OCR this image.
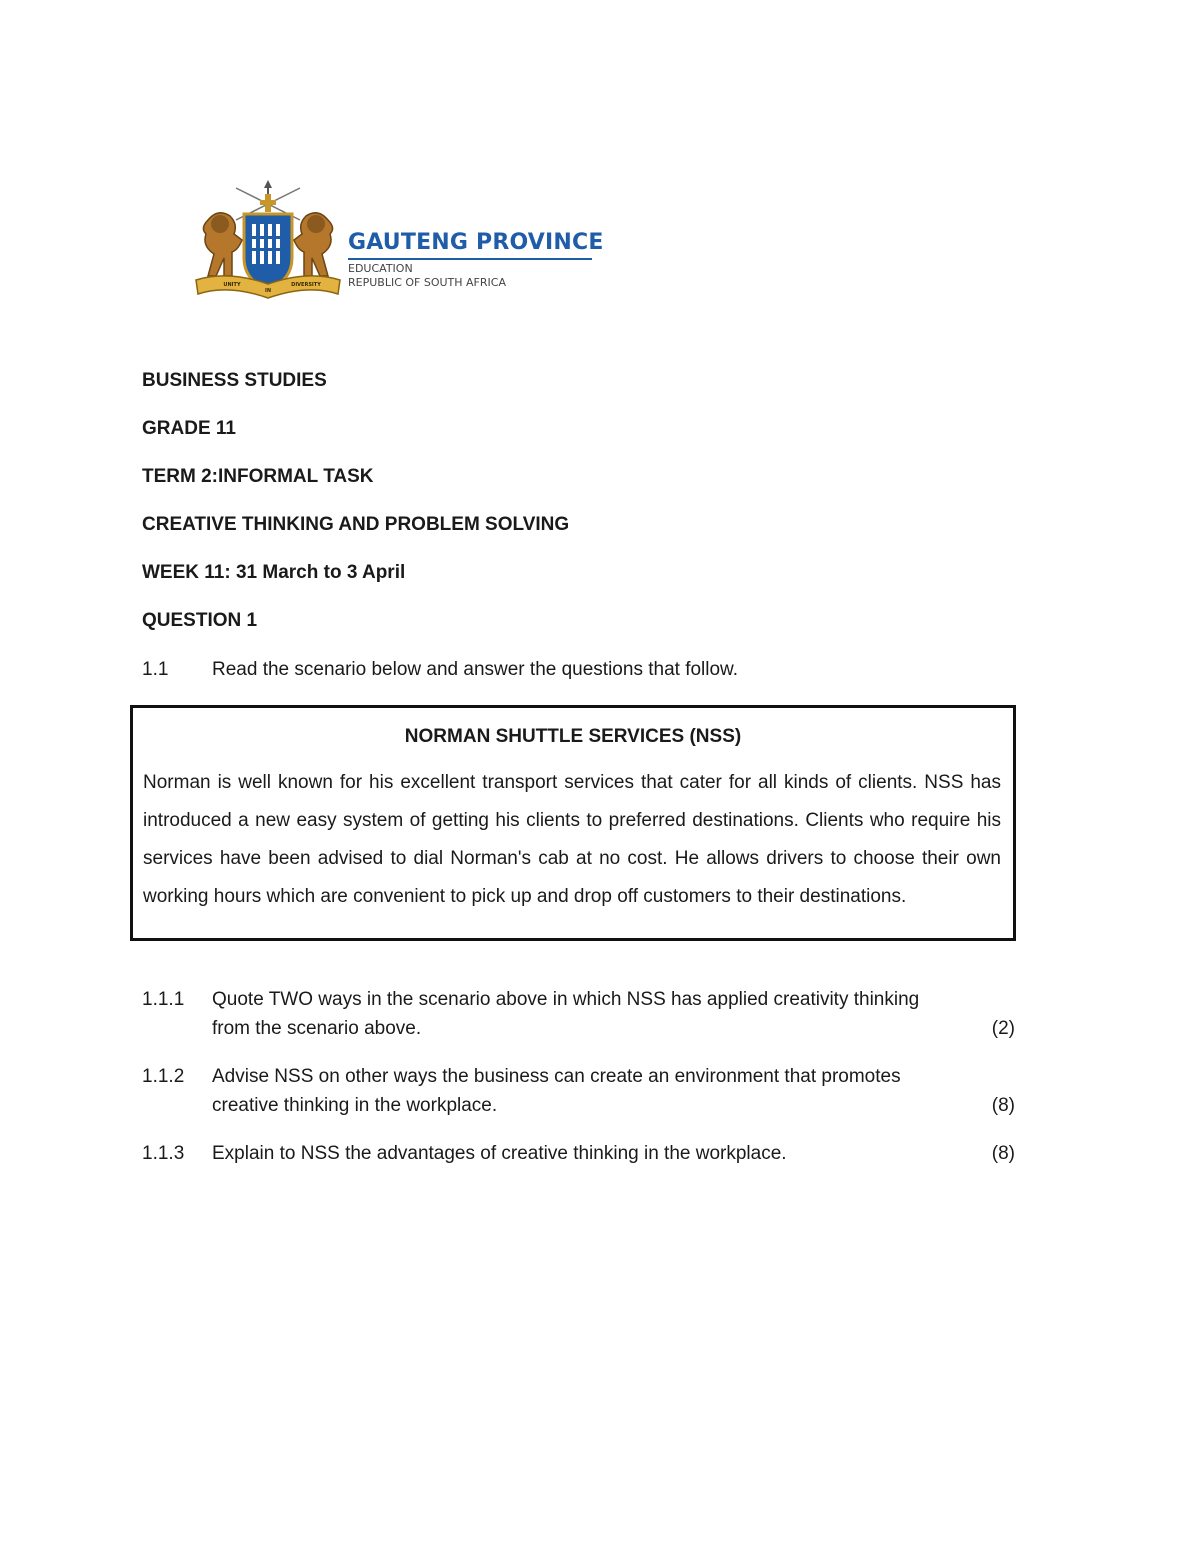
UNITY
IN
DIVERSITY
GAUTENG PROVINCE
EDUCATION
REPUBLIC OF SOUTH AFRICA
BUSINESS STUDIES
GRADE 11
TERM 2:INFORMAL TASK
CREATIVE THINKING AND PROBLEM SOLVING
WEEK 11: 31 March to 3 April
QUESTION 1
1.1 Read the scenario below and answer the questions that follow.
NORMAN SHUTTLE SERVICES (NSS)
Norman is well known for his excellent transport services that cater for all kinds of clients. NSS has introduced a new easy system of getting his clients to preferred destinations. Clients who require his services have been advised to dial Norman's cab at no cost. He allows drivers to choose their own working hours which are convenient to pick up and drop off customers to their destinations.
1.1.1 Quote TWO ways in the scenario above in which NSS has applied creativity thinking
from the scenario above.	(2)
1.1.2 Advise NSS on other ways the business can create an environment that promotes
creative thinking in the workplace.	(8)
1.1.3 Explain to NSS the advantages of creative thinking in the workplace.	(8)
